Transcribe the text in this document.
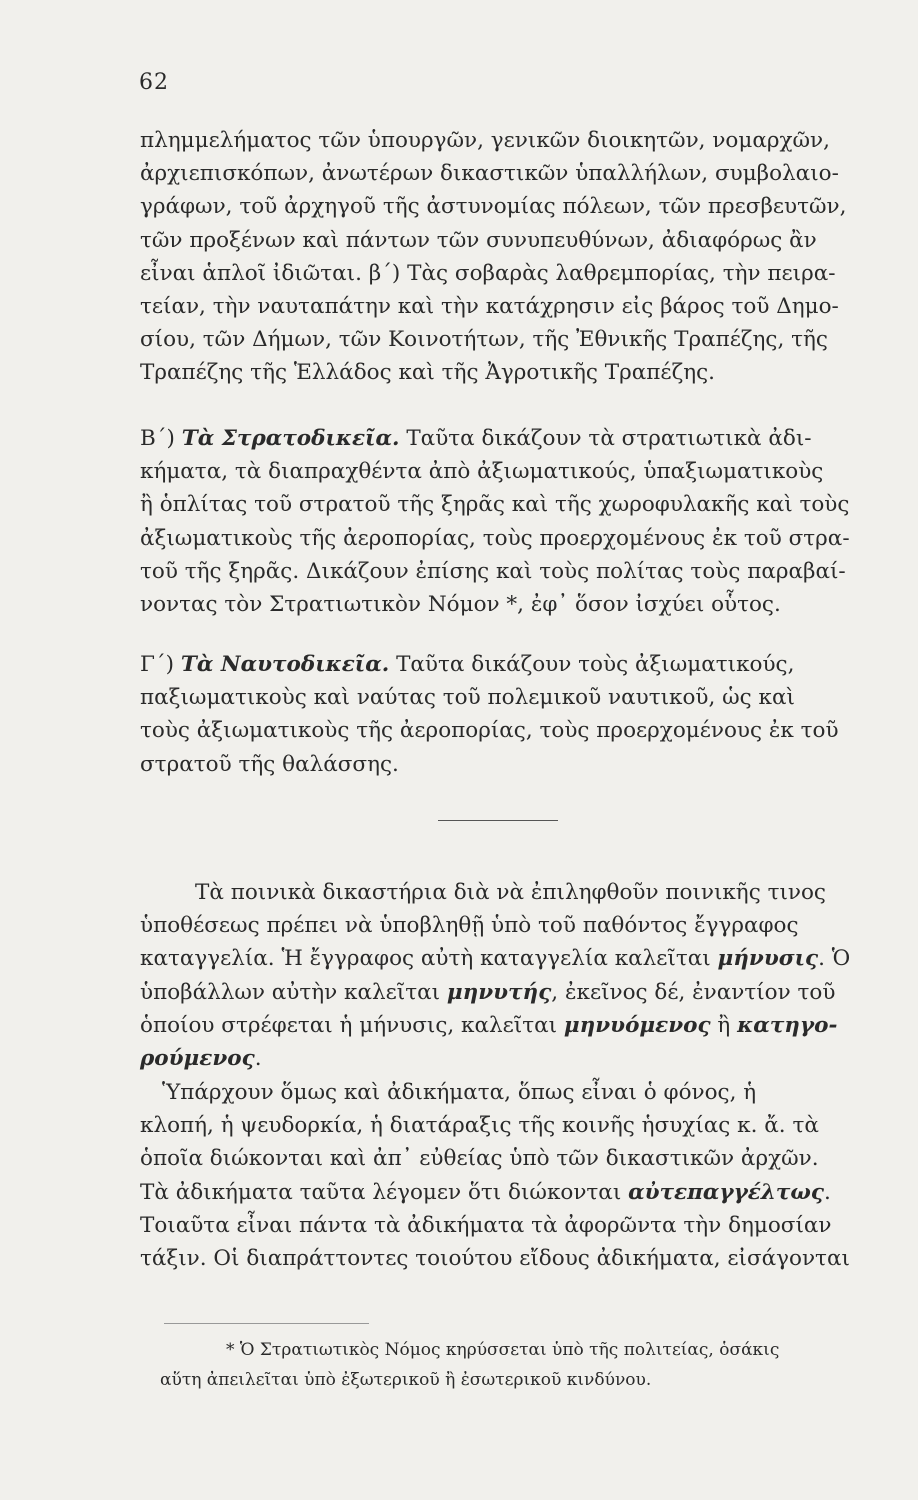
62
πλημμελήματος τῶν ὑπουργῶν, γενικῶν διοικητῶν, νομαρχῶν,
ἀρχιεπισκόπων, ἀνωτέρων δικαστικῶν ὑπαλλήλων, συμβολαιο-
γράφων, τοῦ ἀρχηγοῦ τῆς ἀστυνομίας πόλεων, τῶν πρεσβευτῶν,
τῶν προξένων καὶ πάντων τῶν συνυπευθύνων, ἀδιαφόρως ἂν
εἶναι ἁπλοῖ ἰδιῶται. β΄) Τὰς σοβαρὰς λαθρεμπορίας, τὴν πειρα-
τείαν, τὴν ναυταπάτην καὶ τὴν κατάχρησιν εἰς βάρος τοῦ Δημο-
σίου, τῶν Δήμων, τῶν Κοινοτήτων, τῆς Ἐθνικῆς Τραπέζης, τῆς
Τραπέζης τῆς Ἑλλάδος καὶ τῆς Ἀγροτικῆς Τραπέζης.
Β΄) Τὰ Στρατοδικεῖα. Ταῦτα δικάζουν τὰ στρατιωτικὰ ἀδι-
κήματα, τὰ διαπραχθέντα ἀπὸ ἀξιωματικούς, ὑπαξιωματικοὺς
ἢ ὁπλίτας τοῦ στρατοῦ τῆς ξηρᾶς καὶ τῆς χωροφυλακῆς καὶ τοὺς
ἀξιωματικοὺς τῆς ἀεροπορίας, τοὺς προερχομένους ἐκ τοῦ στρα-
τοῦ τῆς ξηρᾶς. Δικάζουν ἐπίσης καὶ τοὺς πολίτας τοὺς παραβαί-
νοντας τὸν Στρατιωτικὸν Νόμον *, ἐφ᾿ ὅσον ἰσχύει οὗτος.
Γ΄) Τὰ Ναυτοδικεῖα. Ταῦτα δικάζουν τοὺς ἀξιωματικούς,
παξιωματικοὺς καὶ ναύτας τοῦ πολεμικοῦ ναυτικοῦ, ὡς καὶ
τοὺς ἀξιωματικοὺς τῆς ἀεροπορίας, τοὺς προερχομένους ἐκ τοῦ
στρατοῦ τῆς θαλάσσης.
Τὰ ποινικὰ δικαστήρια διὰ νὰ ἐπιληφθοῦν ποινικῆς τινος
ὑποθέσεως πρέπει νὰ ὑποβληθῇ ὑπὸ τοῦ παθόντος ἔγγραφος
καταγγελία. Ἡ ἔγγραφος αὐτὴ καταγγελία καλεῖται μήνυσις. Ὁ
ὑποβάλλων αὐτὴν καλεῖται μηνυτής, ἐκεῖνος δέ, ἐναντίον τοῦ
ὁποίου στρέφεται ἡ μήνυσις, καλεῖται μηνυόμενος ἢ κατηγο-
ρούμενος.
Ὑπάρχουν ὅμως καὶ ἀδικήματα, ὅπως εἶναι ὁ φόνος, ἡ
κλοπή, ἡ ψευδορκία, ἡ διατάραξις τῆς κοινῆς ἡσυχίας κ. ἄ. τὰ
ὁποῖα διώκονται καὶ ἀπ᾿ εὐθείας ὑπὸ τῶν δικαστικῶν ἀρχῶν.
Τὰ ἀδικήματα ταῦτα λέγομεν ὅτι διώκονται αὐτεπαγγέλτως.
Τοιαῦτα εἶναι πάντα τὰ ἀδικήματα τὰ ἀφορῶντα τὴν δημοσίαν
τάξιν. Οἱ διαπράττοντες τοιούτου εἴδους ἀδικήματα, εἰσάγονται
* Ὁ Στρατιωτικὸς Νόμος κηρύσσεται ὑπὸ τῆς πολιτείας, ὁσάκις
αὕτη ἀπειλεῖται ὑπὸ ἐξωτερικοῦ ἢ ἐσωτερικοῦ κινδύνου.
